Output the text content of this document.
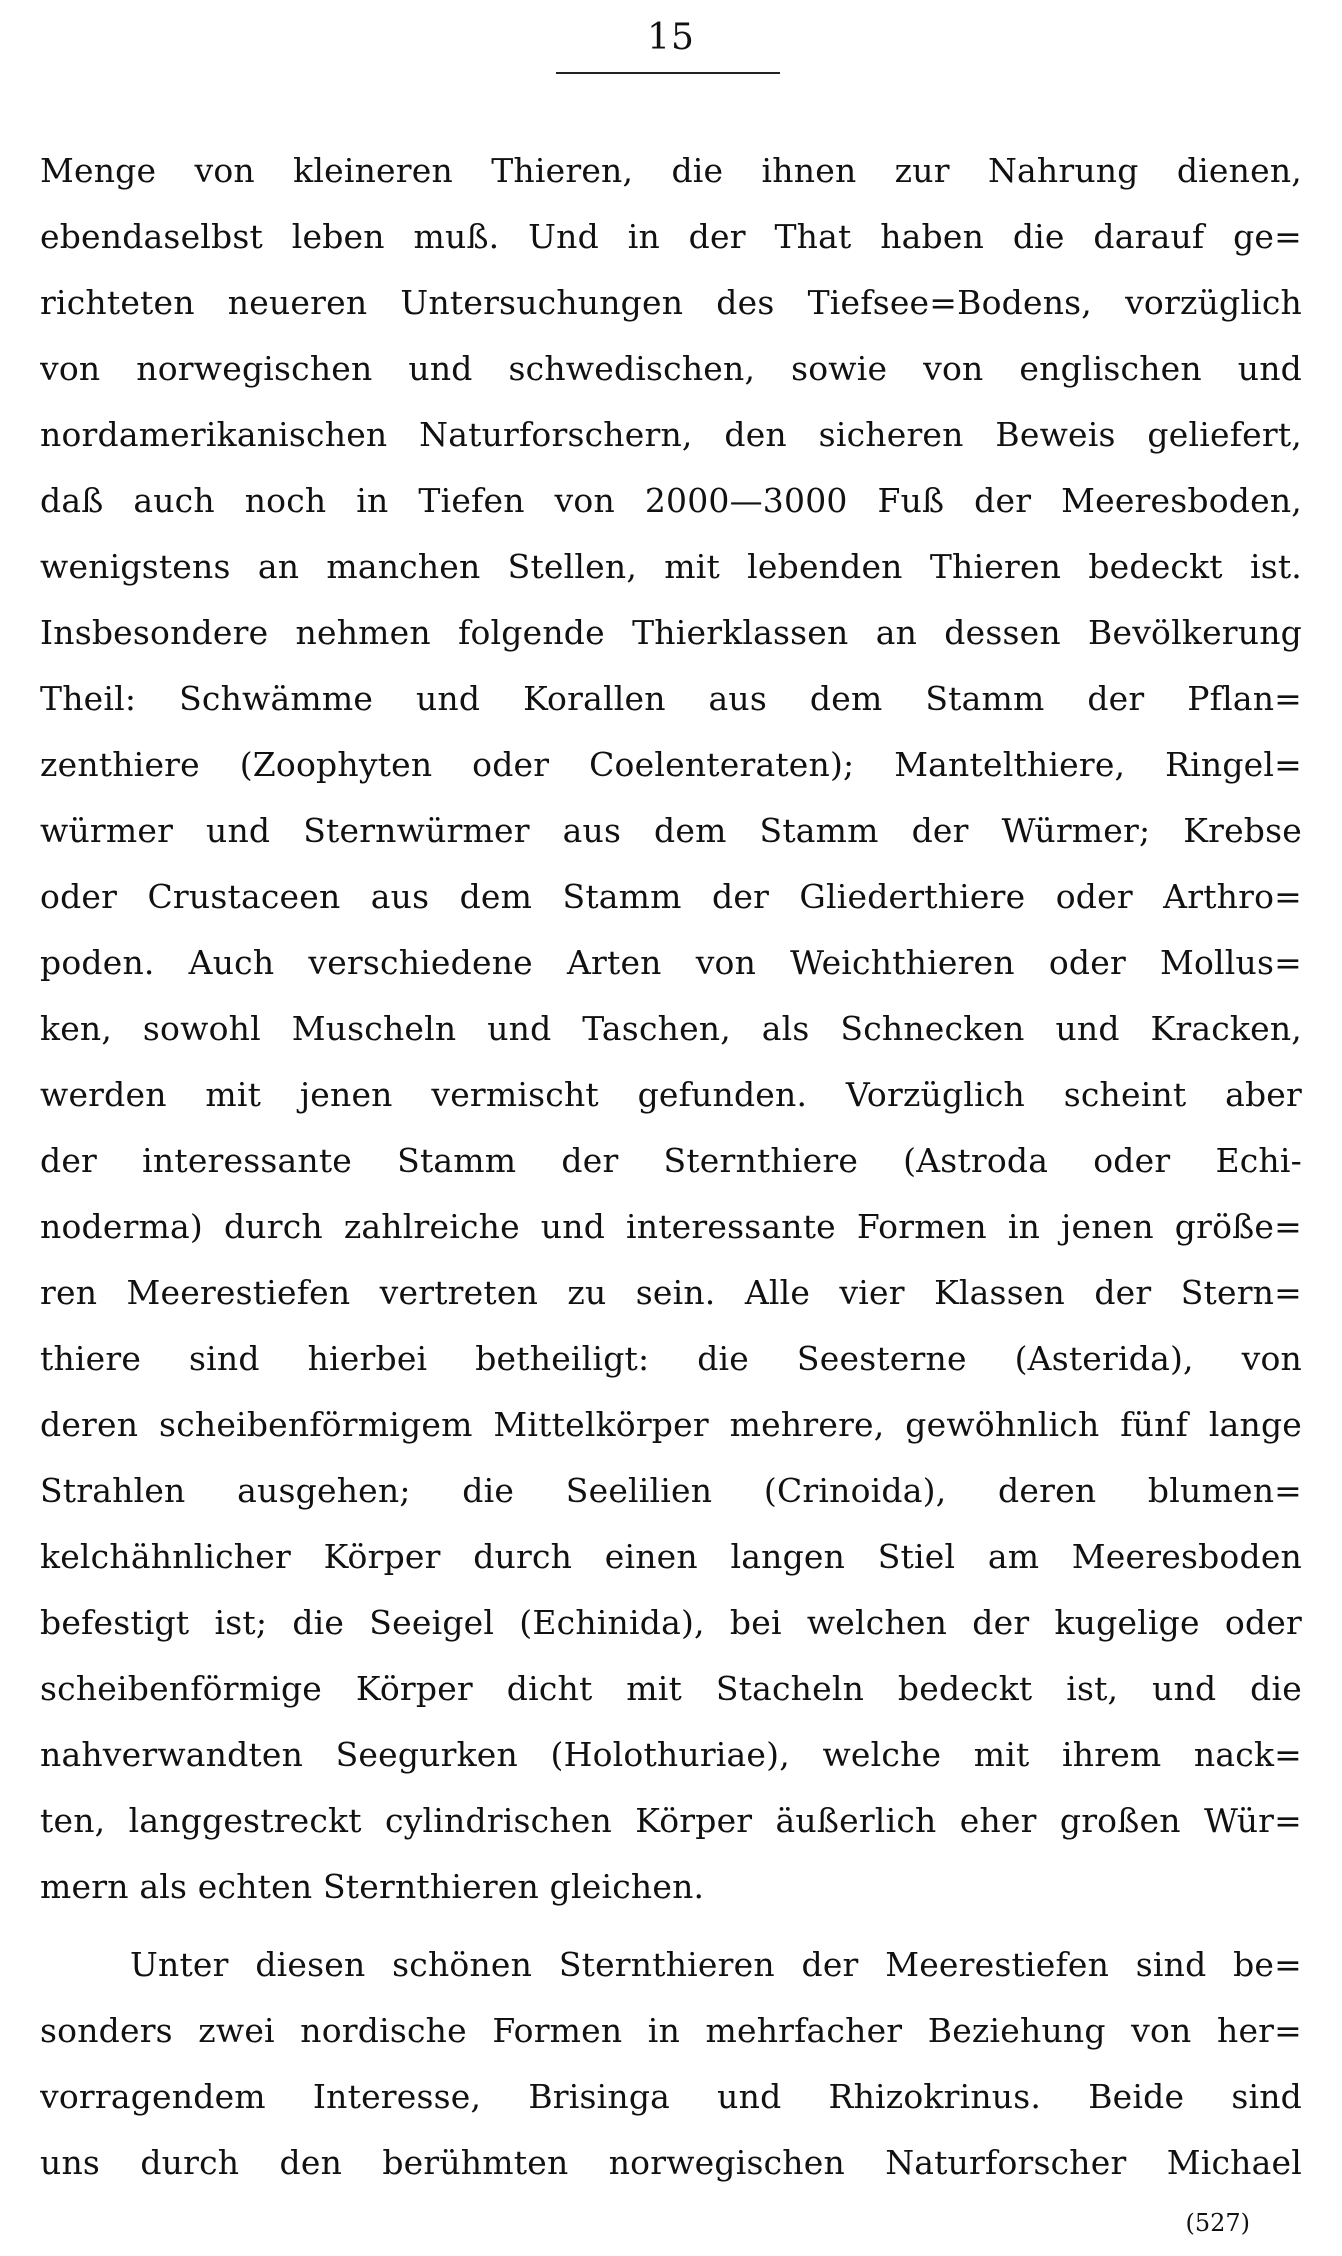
15
Menge von kleineren Thieren, die ihnen zur Nahrung dienen,
ebendaselbst leben muß. Und in der That haben die darauf ge=
richteten neueren Untersuchungen des Tiefsee=Bodens, vorzüglich
von norwegischen und schwedischen, sowie von englischen und
nordamerikanischen Naturforschern, den sicheren Beweis geliefert,
daß auch noch in Tiefen von 2000—3000 Fuß der Meeresboden,
wenigstens an manchen Stellen, mit lebenden Thieren bedeckt ist.
Insbesondere nehmen folgende Thierklassen an dessen Bevölkerung
Theil: Schwämme und Korallen aus dem Stamm der Pflan=
zenthiere (Zoophyten oder Coelenteraten); Mantelthiere, Ringel=
würmer und Sternwürmer aus dem Stamm der Würmer; Krebse
oder Crustaceen aus dem Stamm der Gliederthiere oder Arthro=
poden. Auch verschiedene Arten von Weichthieren oder Mollus=
ken, sowohl Muscheln und Taschen, als Schnecken und Kracken,
werden mit jenen vermischt gefunden. Vorzüglich scheint aber
der interessante Stamm der Sternthiere (Astroda oder Echi-
noderma) durch zahlreiche und interessante Formen in jenen größe=
ren Meerestiefen vertreten zu sein. Alle vier Klassen der Stern=
thiere sind hierbei betheiligt: die Seesterne (Asterida), von
deren scheibenförmigem Mittelkörper mehrere, gewöhnlich fünf lange
Strahlen ausgehen; die Seelilien (Crinoida), deren blumen=
kelchähnlicher Körper durch einen langen Stiel am Meeresboden
befestigt ist; die Seeigel (Echinida), bei welchen der kugelige oder
scheibenförmige Körper dicht mit Stacheln bedeckt ist, und die
nahverwandten Seegurken (Holothuriae), welche mit ihrem nack=
ten, langgestreckt cylindrischen Körper äußerlich eher großen Wür=
mern als echten Sternthieren gleichen.
Unter diesen schönen Sternthieren der Meerestiefen sind be=
sonders zwei nordische Formen in mehrfacher Beziehung von her=
vorragendem Interesse, Brisinga und Rhizokrinus. Beide sind
uns durch den berühmten norwegischen Naturforscher Michael
(527)
